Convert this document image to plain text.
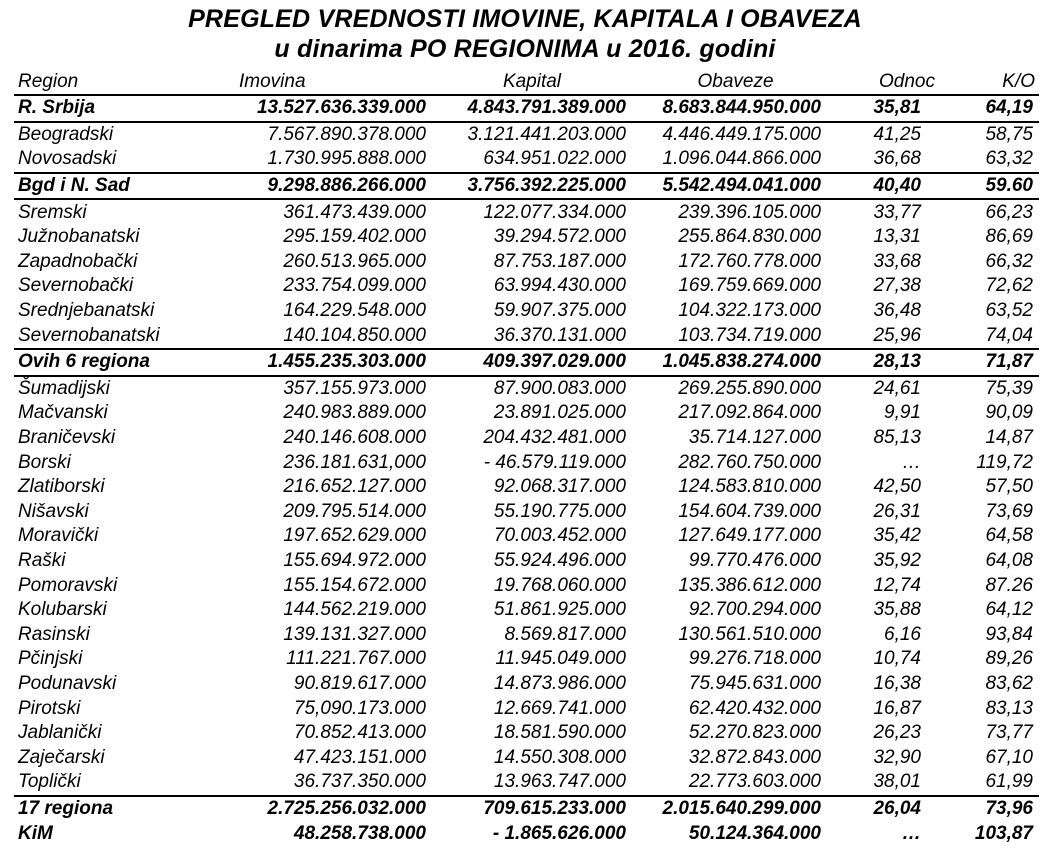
PREGLED VREDNOSTI IMOVINE, KAPITALA I OBAVEZA
u dinarima PO REGIONIMA u 2016. godini
Region	Imovina	Kapital	Obaveze	Odnoc	K/O
R. Srbija	13.527.636.339.000	4.843.791.389.000	8.683.844.950.000	35,81	64,19
Beogradski	7.567.890.378.000	3.121.441.203.000	4.446.449.175.000	41,25	58,75
Novosadski	1.730.995.888.000	634.951.022.000	1.096.044.866.000	36,68	63,32
Bgd i N. Sad	9.298.886.266.000	3.756.392.225.000	5.542.494.041.000	40,40	59.60
Sremski	361.473.439.000	122.077.334.000	239.396.105.000	33,77	66,23
Južnobanatski	295.159.402.000	39.294.572.000	255.864.830.000	13,31	86,69
Zapadnobački	260.513.965.000	87.753.187.000	172.760.778.000	33,68	66,32
Severnobački	233.754.099.000	63.994.430.000	169.759.669.000	27,38	72,62
Srednjebanatski	164.229.548.000	59.907.375.000	104.322.173.000	36,48	63,52
Severnobanatski	140.104.850.000	36.370.131.000	103.734.719.000	25,96	74,04
Ovih 6 regiona	1.455.235.303.000	409.397.029.000	1.045.838.274.000	28,13	71,87
Šumadijski	357.155.973.000	87.900.083.000	269.255.890.000	24,61	75,39
Mačvanski	240.983.889.000	23.891.025.000	217.092.864.000	9,91	90,09
Braničevski	240.146.608.000	204.432.481.000	35.714.127.000	85,13	14,87
Borski	236.181.631,000	- 46.579.119.000	282.760.750.000	…	119,72
Zlatiborski	216.652.127.000	92.068.317.000	124.583.810.000	42,50	57,50
Nišavski	209.795.514.000	55.190.775.000	154.604.739.000	26,31	73,69
Moravički	197.652.629.000	70.003.452.000	127.649.177.000	35,42	64,58
Raški	155.694.972.000	55.924.496.000	99.770.476.000	35,92	64,08
Pomoravski	155.154.672.000	19.768.060.000	135.386.612.000	12,74	87.26
Kolubarski	144.562.219.000	51.861.925.000	92.700.294.000	35,88	64,12
Rasinski	139.131.327.000	8.569.817.000	130.561.510.000	6,16	93,84
Pčinjski	111.221.767.000	11.945.049.000	99.276.718.000	10,74	89,26
Podunavski	90.819.617.000	14.873.986.000	75.945.631.000	16,38	83,62
Pirotski	75,090.173.000	12.669.741.000	62.420.432.000	16,87	83,13
Jablanički	70.852.413.000	18.581.590.000	52.270.823.000	26,23	73,77
Zaječarski	47.423.151.000	14.550.308.000	32.872.843.000	32,90	67,10
Toplički	36.737.350.000	13.963.747.000	22.773.603.000	38,01	61,99
17 regiona	2.725.256.032.000	709.615.233.000	2.015.640.299.000	26,04	73,96
KiM	48.258.738.000	- 1.865.626.000	50.124.364.000	…	103,87
